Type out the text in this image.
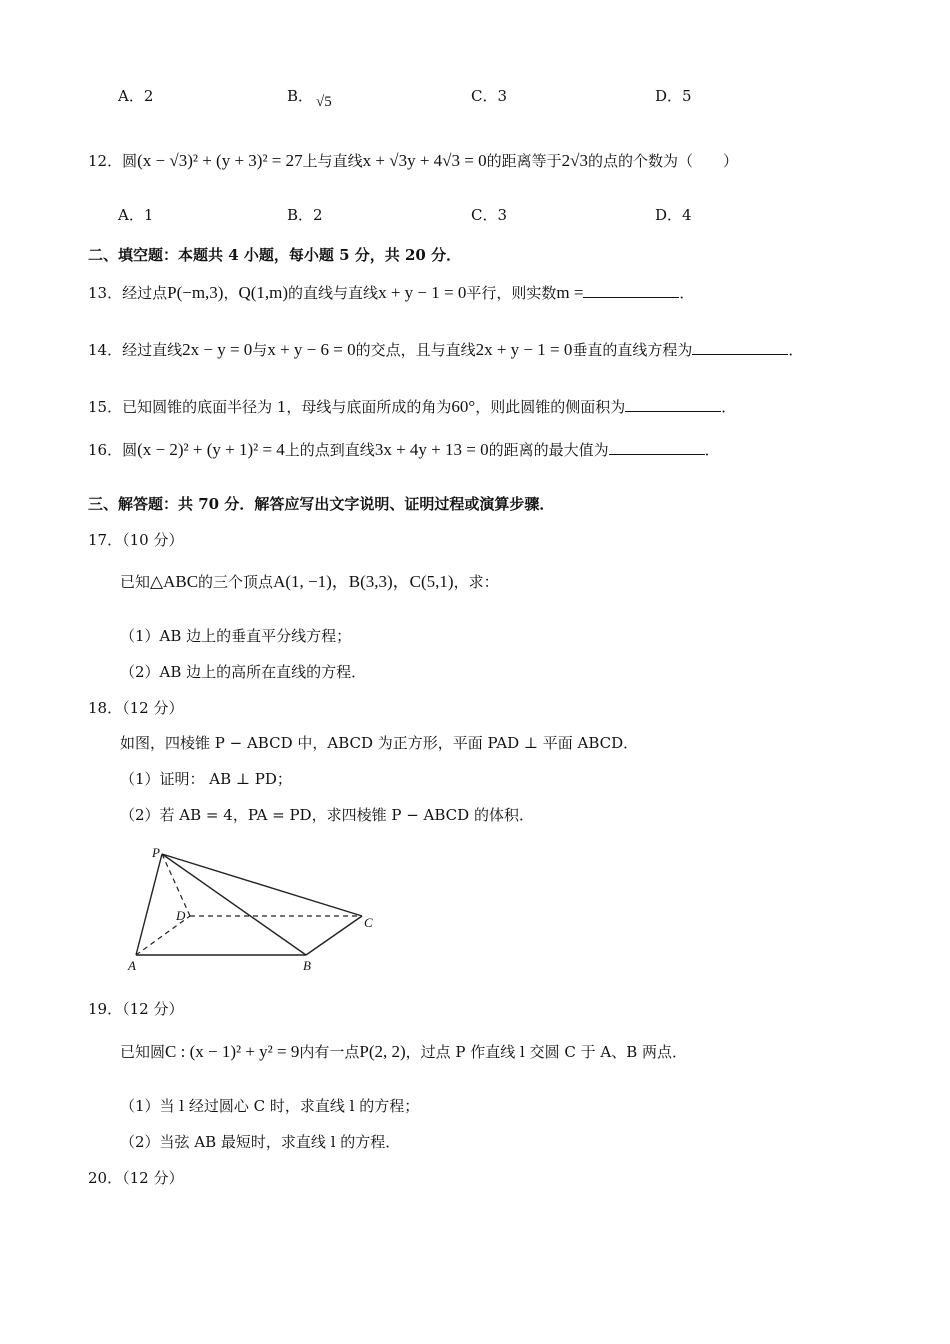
A．2	B． √5	C．3	D．5
12．圆(x − √3)² + (y + 3)² = 27上与直线x + √3y + 4√3 = 0的距离等于2√3的点的个数为（　　）
A．1	B．2	C．3	D．4
二、填空题：本题共 4 小题，每小题 5 分，共 20 分．
13．经过点P(−m,3)，Q(1,m)的直线与直线x + y − 1 = 0平行，则实数m =	．
14．经过直线2x − y = 0与x + y − 6 = 0的交点，且与直线2x + y − 1 = 0垂直的直线方程为	．
15．已知圆锥的底面半径为 1，母线与底面所成的角为60°，则此圆锥的侧面积为	．
16．圆(x − 2)² + (y + 1)² = 4上的点到直线3x + 4y + 13 = 0的距离的最大值为	．
三、解答题：共 70 分．解答应写出文字说明、证明过程或演算步骤．
17．（10 分）
已知△ABC的三个顶点A(1, −1)，B(3,3)，C(5,1)，求：
（1）AB 边上的垂直平分线方程；
（2）AB 边上的高所在直线的方程．
18．（12 分）
如图，四棱锥 P − ABCD 中，ABCD 为正方形，平面 PAD ⊥ 平面 ABCD．
（1）证明： AB ⊥ PD；
（2）若 AB = 4，PA = PD，求四棱锥 P − ABCD 的体积．
P
D	C
A	B
19．（12 分）
已知圆C : (x − 1)² + y² = 9内有一点P(2, 2)，过点 P 作直线 l 交圆 C 于 A、B 两点．
（1）当 l 经过圆心 C 时，求直线 l 的方程；
（2）当弦 AB 最短时，求直线 l 的方程．
20．（12 分）
